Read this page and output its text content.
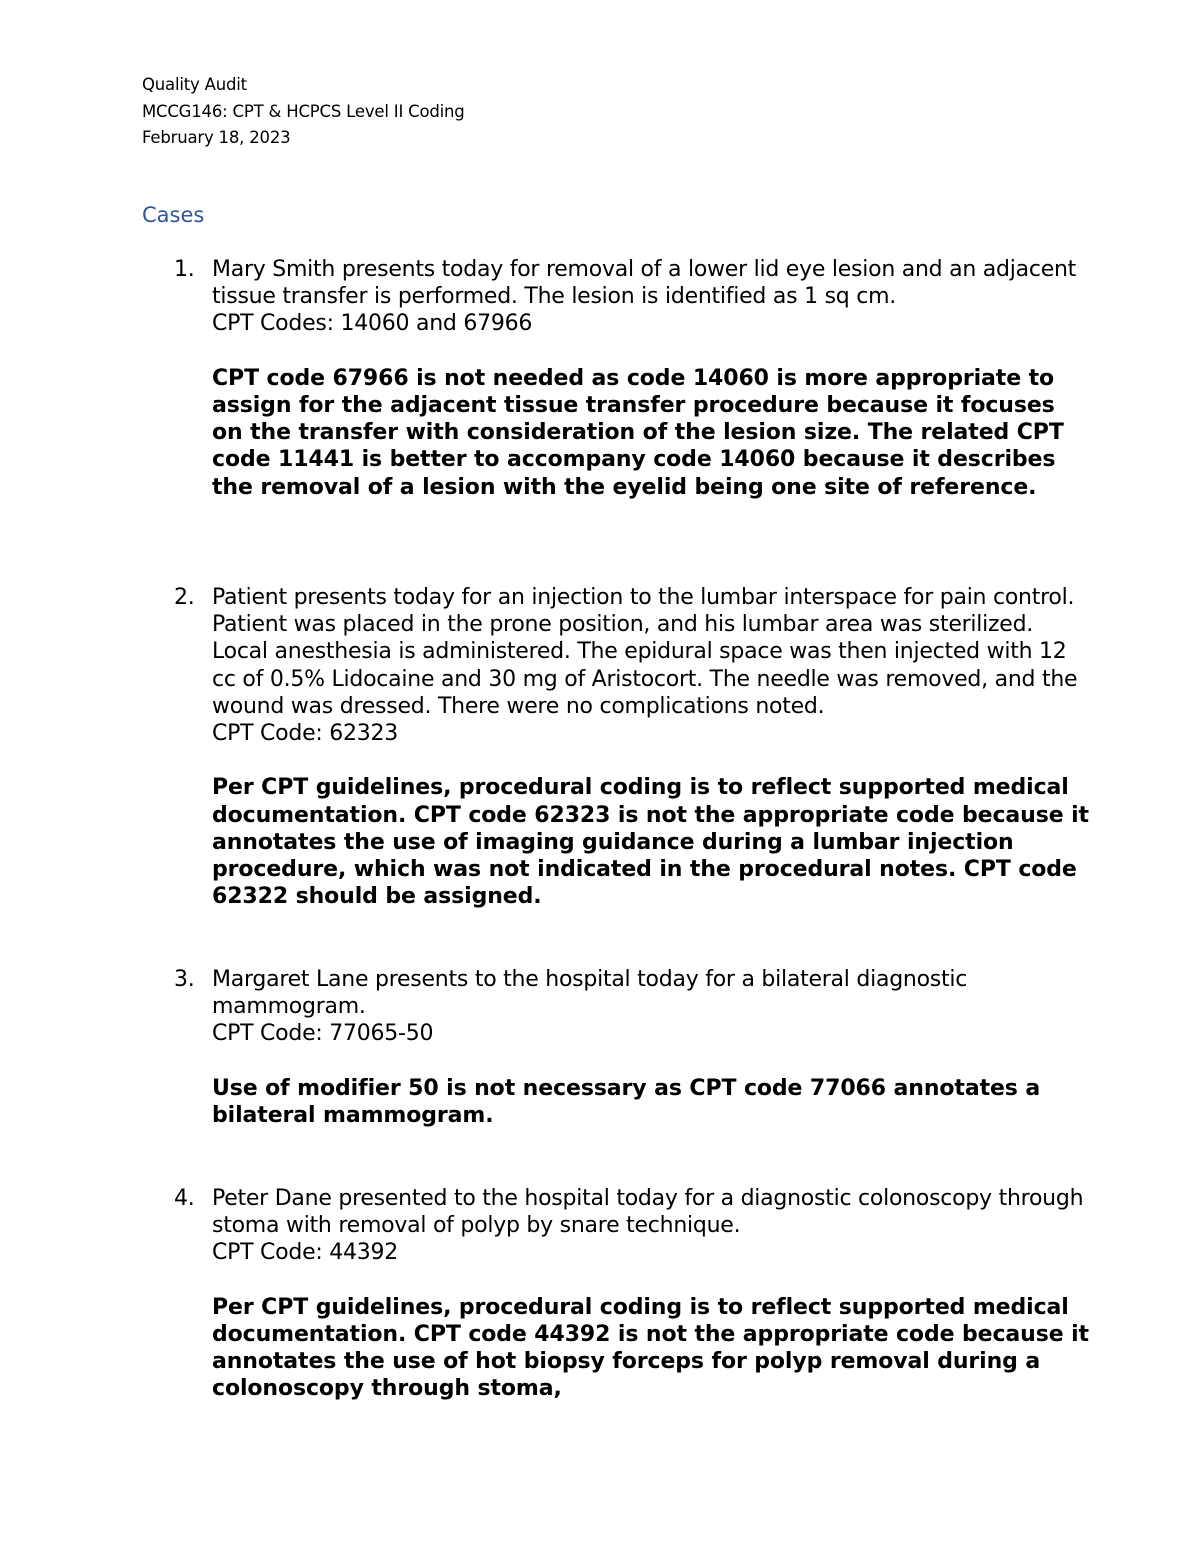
Quality Audit
MCCG146: CPT & HCPCS Level II Coding
February 18, 2023
Cases
1. Mary Smith presents today for removal of a lower lid eye lesion and an adjacent tissue transfer is performed. The lesion is identified as 1 sq cm.

CPT Codes: 14060 and 67966

CPT code 67966 is not needed as code 14060 is more appropriate to assign for the adjacent tissue transfer procedure because it focuses on the transfer with consideration of the lesion size. The related CPT code 11441 is better to accompany code 14060 because it describes the removal of a lesion with the eyelid being one site of reference.

2. Patient presents today for an injection to the lumbar interspace for pain control. Patient was placed in the prone position, and his lumbar area was sterilized. Local anesthesia is administered. The epidural space was then injected with 12 cc of 0.5% Lidocaine and 30 mg of Aristocort. The needle was removed, and the wound was dressed. There were no complications noted.

CPT Code: 62323

Per CPT guidelines, procedural coding is to reflect supported medical documentation. CPT code 62323 is not the appropriate code because it annotates the use of imaging guidance during a lumbar injection procedure, which was not indicated in the procedural notes. CPT code 62322 should be assigned.

3. Margaret Lane presents to the hospital today for a bilateral diagnostic mammogram.

CPT Code: 77065-50

Use of modifier 50 is not necessary as CPT code 77066 annotates a bilateral mammogram.

4. Peter Dane presented to the hospital today for a diagnostic colonoscopy through stoma with removal of polyp by snare technique.

CPT Code: 44392

Per CPT guidelines, procedural coding is to reflect supported medical documentation. CPT code 44392 is not the appropriate code because it annotates the use of hot biopsy forceps for polyp removal during a colonoscopy through stoma,
